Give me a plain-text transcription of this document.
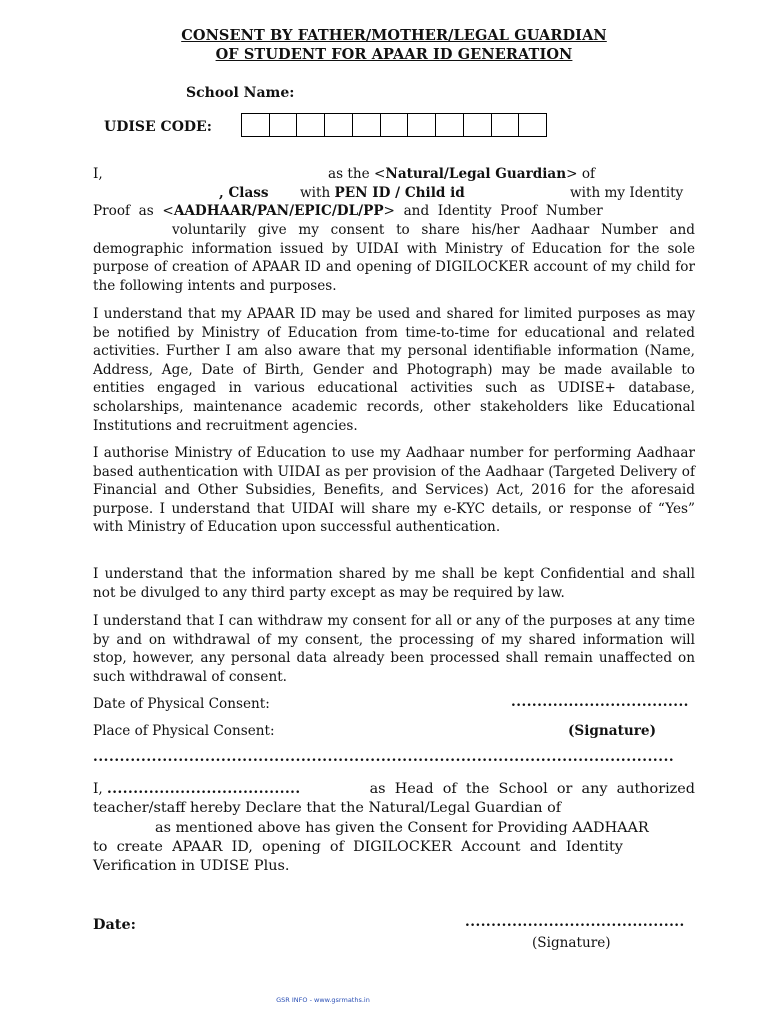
CONSENT BY FATHER/MOTHER/LEGAL GUARDIAN
OF STUDENT FOR APAAR ID GENERATION
School Name:
UDISE CODE:
I,	as the <Natural/Legal Guardian> of
, Class with PEN ID / Child id	with my Identity
Proof  as  <AADHAAR/PAN/EPIC/DL/PP>  and  Identity  Proof  Number

voluntarily give my consent to share his/her Aadhaar Number and demographic information issued by UIDAI with Ministry of Education for the sole purpose of creation of APAAR ID and opening of DIGILOCKER account of my child for the following intents and purposes.

I understand that my APAAR ID may be used and shared for limited purposes as may be notified by Ministry of Education from time-to-time for educational and related activities. Further I am also aware that my personal identifiable information (Name, Address, Age, Date of Birth, Gender and Photograph) may be made available to entities engaged in various educational activities such as UDISE+ database, scholarships, maintenance academic records, other stakeholders like Educational Institutions and recruitment agencies.

I authorise Ministry of Education to use my Aadhaar number for performing Aadhaar based authentication with UIDAI as per provision of the Aadhaar (Targeted Delivery of Financial and Other Subsidies, Benefits, and Services) Act, 2016 for the aforesaid purpose. I understand that UIDAI will share my e-KYC details, or response of “Yes” with Ministry of Education upon successful authentication.

I understand that the information shared by me shall be kept Confidential and shall not be divulged to any third party except as may be required by law.

I understand that I can withdraw my consent for all or any of the purposes at any time by and on withdrawal of my consent, the processing of my shared information will stop, however, any personal data already been processed shall remain unaffected on such withdrawal of consent.

Date of Physical Consent:	..................................
Place of Physical Consent:	(Signature)
.............................................................................................................
I, .....................................	as  Head  of  the  School  or  any  authorized
teacher/staff hereby Declare that the Natural/Legal Guardian of
as mentioned above has given the Consent for Providing AADHAAR
to  create  APAAR  ID,  opening  of  DIGILOCKER  Account  and  Identity
Verification in UDISE Plus.
Date:	..........................................
(Signature)
GSR INFO - www.gsrmaths.in
